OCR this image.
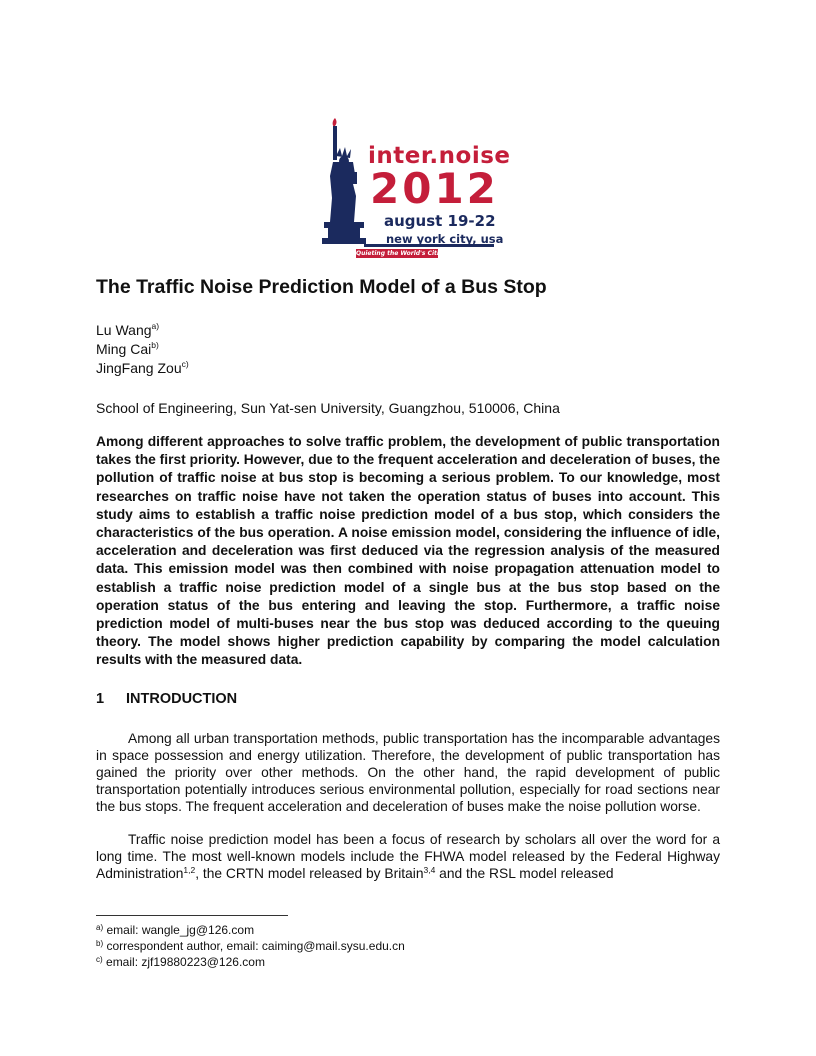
inter.noise
2012
august 19-22
new york city, usa
Quieting the World's Cities
The Traffic Noise Prediction Model of a Bus Stop
Lu Wang$^{a)}$
Ming Cai$^{b)}$
JingFang Zou$^{c)}$
School of Engineering, Sun Yat-sen University, Guangzhou, 510006, China

Among different approaches to solve traffic problem, the development of public transportation takes the first priority. However, due to the frequent acceleration and deceleration of buses, the pollution of traffic noise at bus stop is becoming a serious problem. To our knowledge, most researches on traffic noise have not taken the operation status of buses into account. This study aims to establish a traffic noise prediction model of a bus stop, which considers the characteristics of the bus operation. A noise emission model, considering the influence of idle, acceleration and deceleration was first deduced via the regression analysis of the measured data. This emission model was then combined with noise propagation attenuation model to establish a traffic noise prediction model of a single bus at the bus stop based on the operation status of the bus entering and leaving the stop. Furthermore, a traffic noise prediction model of multi-buses near the bus stop was deduced according to the queuing theory. The model shows higher prediction capability by comparing the model calculation results with the measured data.

1 INTRODUCTION

Among all urban transportation methods, public transportation has the incomparable advantages in space possession and energy utilization. Therefore, the development of public transportation has gained the priority over other methods. On the other hand, the rapid development of public transportation potentially introduces serious environmental pollution, especially for road sections near the bus stops. The frequent acceleration and deceleration of buses make the noise pollution worse.

Traffic noise prediction model has been a focus of research by scholars all over the word for a long time. The most well-known models include the FHWA model released by the Federal Highway Administration$^{1,2}$, the CRTN model released by Britain$^{3,4}$ and the RSL model released

$^{a)}$ email: wangle_jg@126.com
$^{b)}$ correspondent author, email: caiming@mail.sysu.edu.cn
$^{c)}$ email: zjf19880223@126.com
